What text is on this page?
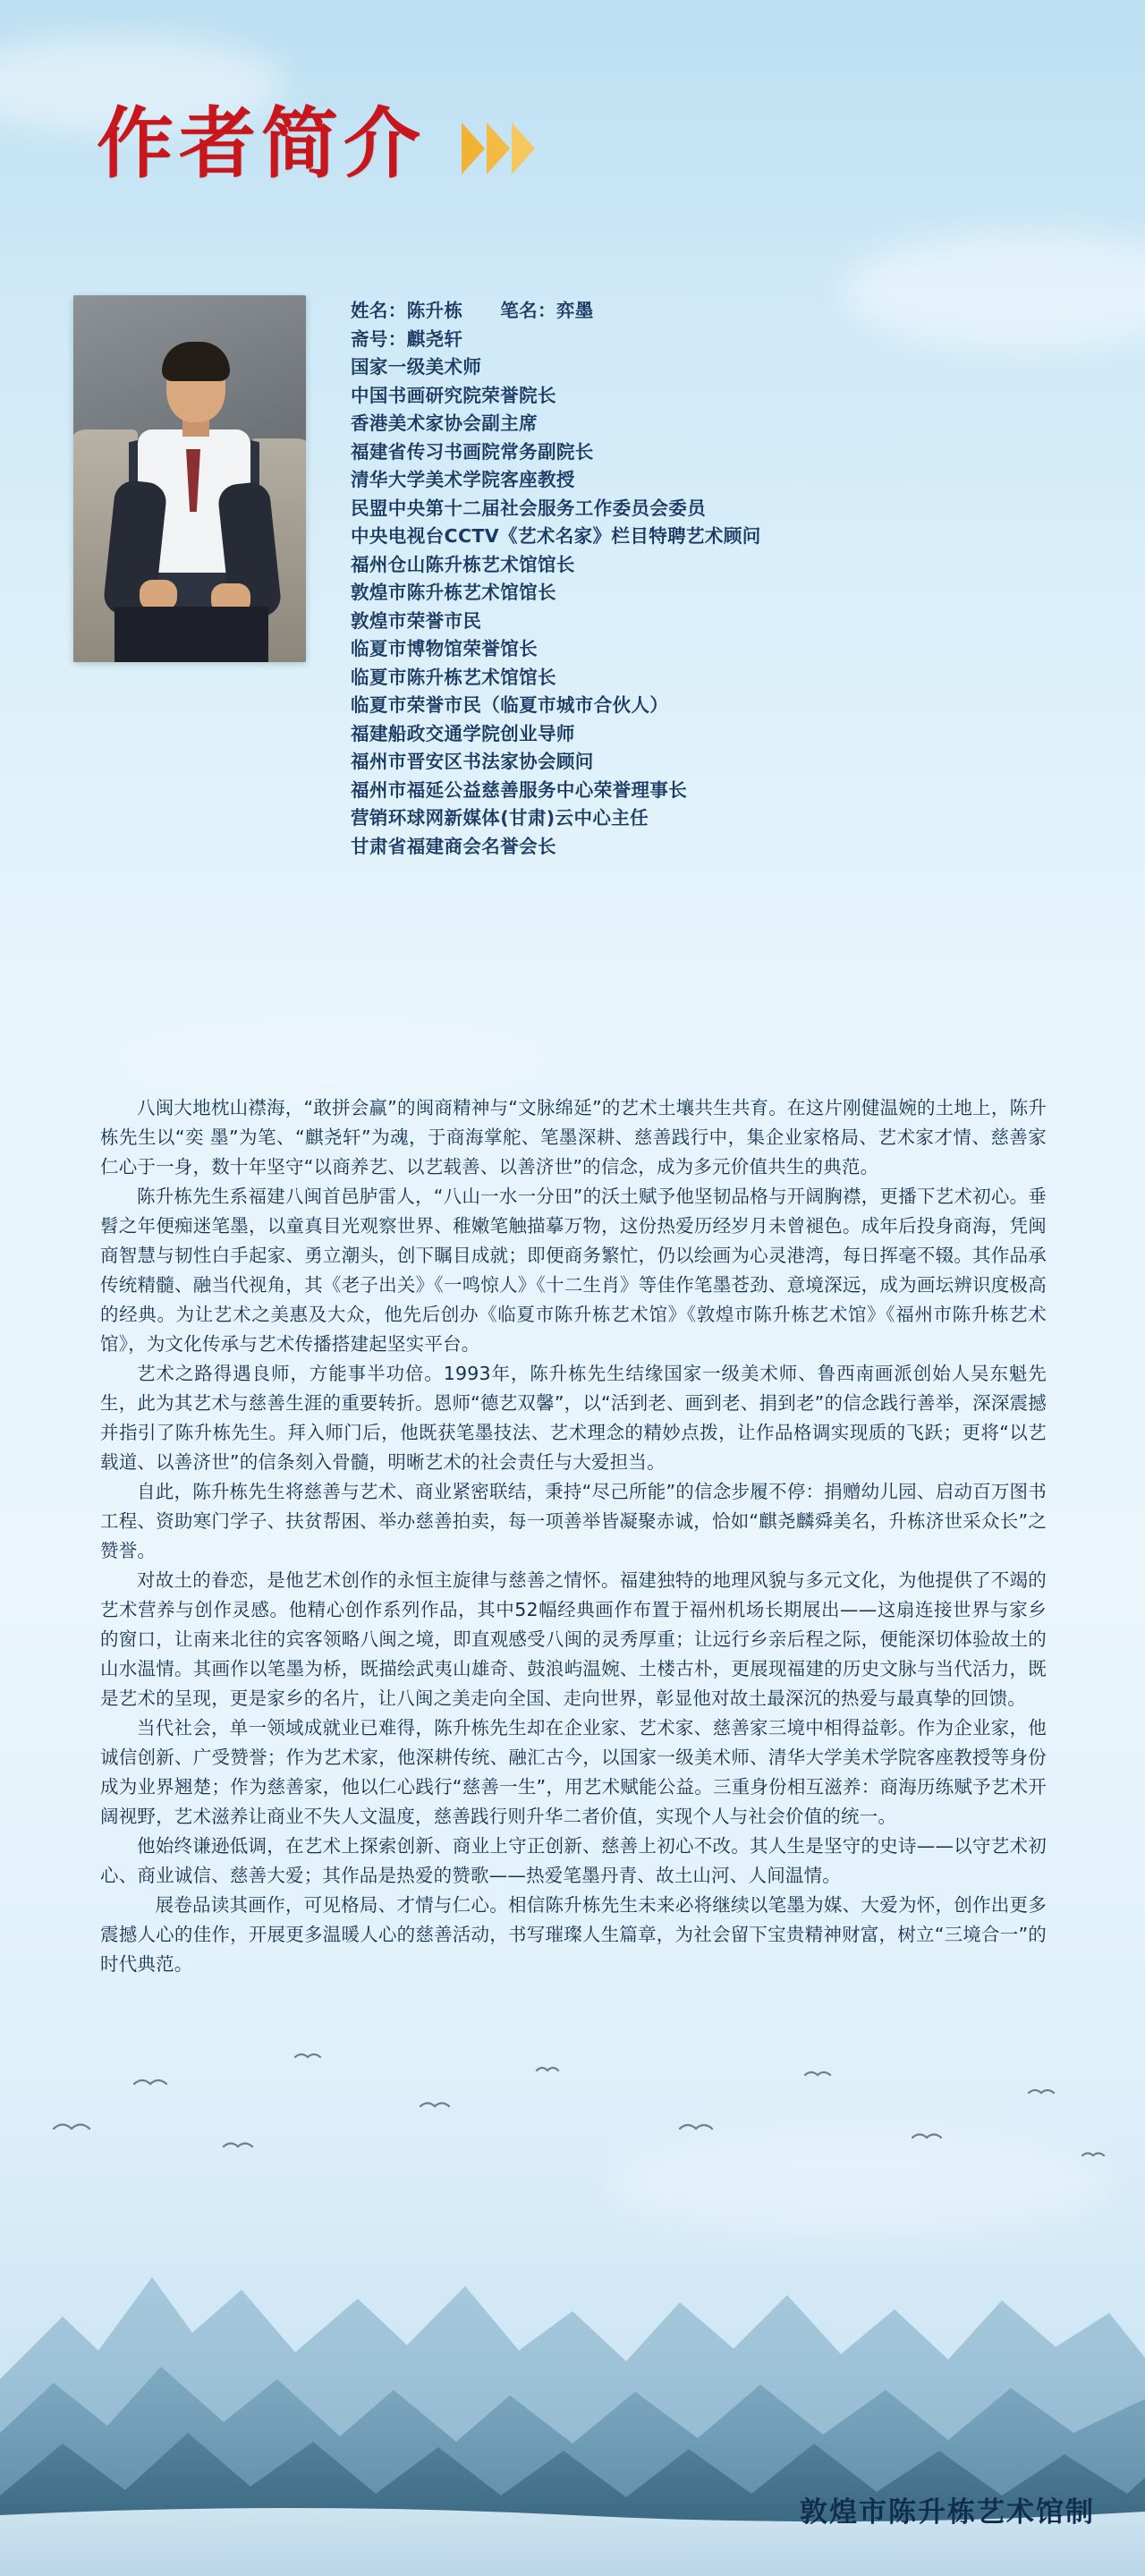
作者简介
姓名：陈升栋　　笔名：弈墨
斋号：麒尧轩
国家一级美术师
中国书画研究院荣誉院长
香港美术家协会副主席
福建省传习书画院常务副院长
清华大学美术学院客座教授
民盟中央第十二届社会服务工作委员会委员
中央电视台CCTV《艺术名家》栏目特聘艺术顾问
福州仓山陈升栋艺术馆馆长
敦煌市陈升栋艺术馆馆长
敦煌市荣誉市民
临夏市博物馆荣誉馆长
临夏市陈升栋艺术馆馆长
临夏市荣誉市民（临夏市城市合伙人）
福建船政交通学院创业导师
福州市晋安区书法家协会顾问
福州市福延公益慈善服务中心荣誉理事长
营销环球网新媒体(甘肃)云中心主任
甘肃省福建商会名誉会长

八闽大地枕山襟海，“敢拼会赢”的闽商精神与“文脉绵延”的艺术土壤共生共育。在这片刚健温婉的土地上，陈升栋先生以“奕 墨”为笔、“麒尧轩”为魂，于商海掌舵、笔墨深耕、慈善践行中，集企业家格局、艺术家才情、慈善家仁心于一身，数十年坚守“以商养艺、以艺载善、以善济世”的信念，成为多元价值共生的典范。

陈升栋先生系福建八闽首邑胪雷人，“八山一水一分田”的沃土赋予他坚韧品格与开阔胸襟，更播下艺术初心。垂髫之年便痴迷笔墨，以童真目光观察世界、稚嫩笔触描摹万物，这份热爱历经岁月未曾褪色。成年后投身商海，凭闽商智慧与韧性白手起家、勇立潮头，创下瞩目成就；即便商务繁忙，仍以绘画为心灵港湾，每日挥毫不辍。其作品承传统精髓、融当代视角，其《老子出关》《一鸣惊人》《十二生肖》等佳作笔墨苍劲、意境深远，成为画坛辨识度极高的经典。为让艺术之美惠及大众，他先后创办《临夏市陈升栋艺术馆》《敦煌市陈升栋艺术馆》《福州市陈升栋艺术馆》，为文化传承与艺术传播搭建起坚实平台。

艺术之路得遇良师，方能事半功倍。1993年，陈升栋先生结缘国家一级美术师、鲁西南画派创始人吴东魁先生，此为其艺术与慈善生涯的重要转折。恩师“德艺双馨”，以“活到老、画到老、捐到老”的信念践行善举，深深震撼并指引了陈升栋先生。拜入师门后，他既获笔墨技法、艺术理念的精妙点拨，让作品格调实现质的飞跃；更将“以艺载道、以善济世”的信条刻入骨髓，明晰艺术的社会责任与大爱担当。

自此，陈升栋先生将慈善与艺术、商业紧密联结，秉持“尽己所能”的信念步履不停：捐赠幼儿园、启动百万图书工程、资助寒门学子、扶贫帮困、举办慈善拍卖，每一项善举皆凝聚赤诚，恰如“麒尧麟舜美名，升栋济世采众长”之赞誉。

对故土的眷恋，是他艺术创作的永恒主旋律与慈善之情怀。福建独特的地理风貌与多元文化，为他提供了不竭的艺术营养与创作灵感。他精心创作系列作品，其中52幅经典画作布置于福州机场长期展出——这扇连接世界与家乡的窗口，让南来北往的宾客领略八闽之境，即直观感受八闽的灵秀厚重；让远行乡亲后程之际，便能深切体验故土的山水温情。其画作以笔墨为桥，既描绘武夷山雄奇、鼓浪屿温婉、土楼古朴，更展现福建的历史文脉与当代活力，既是艺术的呈现，更是家乡的名片，让八闽之美走向全国、走向世界，彰显他对故土最深沉的热爱与最真挚的回馈。

当代社会，单一领域成就业已难得，陈升栋先生却在企业家、艺术家、慈善家三境中相得益彰。作为企业家，他诚信创新、广受赞誉；作为艺术家，他深耕传统、融汇古今，以国家一级美术师、清华大学美术学院客座教授等身份成为业界翘楚；作为慈善家，他以仁心践行“慈善一生”，用艺术赋能公益。三重身份相互滋养：商海历练赋予艺术开阔视野，艺术滋养让商业不失人文温度，慈善践行则升华二者价值，实现个人与社会价值的统一。

他始终谦逊低调，在艺术上探索创新、商业上守正创新、慈善上初心不改。其人生是坚守的史诗——以守艺术初心、商业诚信、慈善大爱；其作品是热爱的赞歌——热爱笔墨丹青、故土山河、人间温情。

展卷品读其画作，可见格局、才情与仁心。相信陈升栋先生未来必将继续以笔墨为媒、大爱为怀，创作出更多震撼人心的佳作，开展更多温暖人心的慈善活动，书写璀璨人生篇章，为社会留下宝贵精神财富，树立“三境合一”的时代典范。

敦煌市陈升栋艺术馆制
